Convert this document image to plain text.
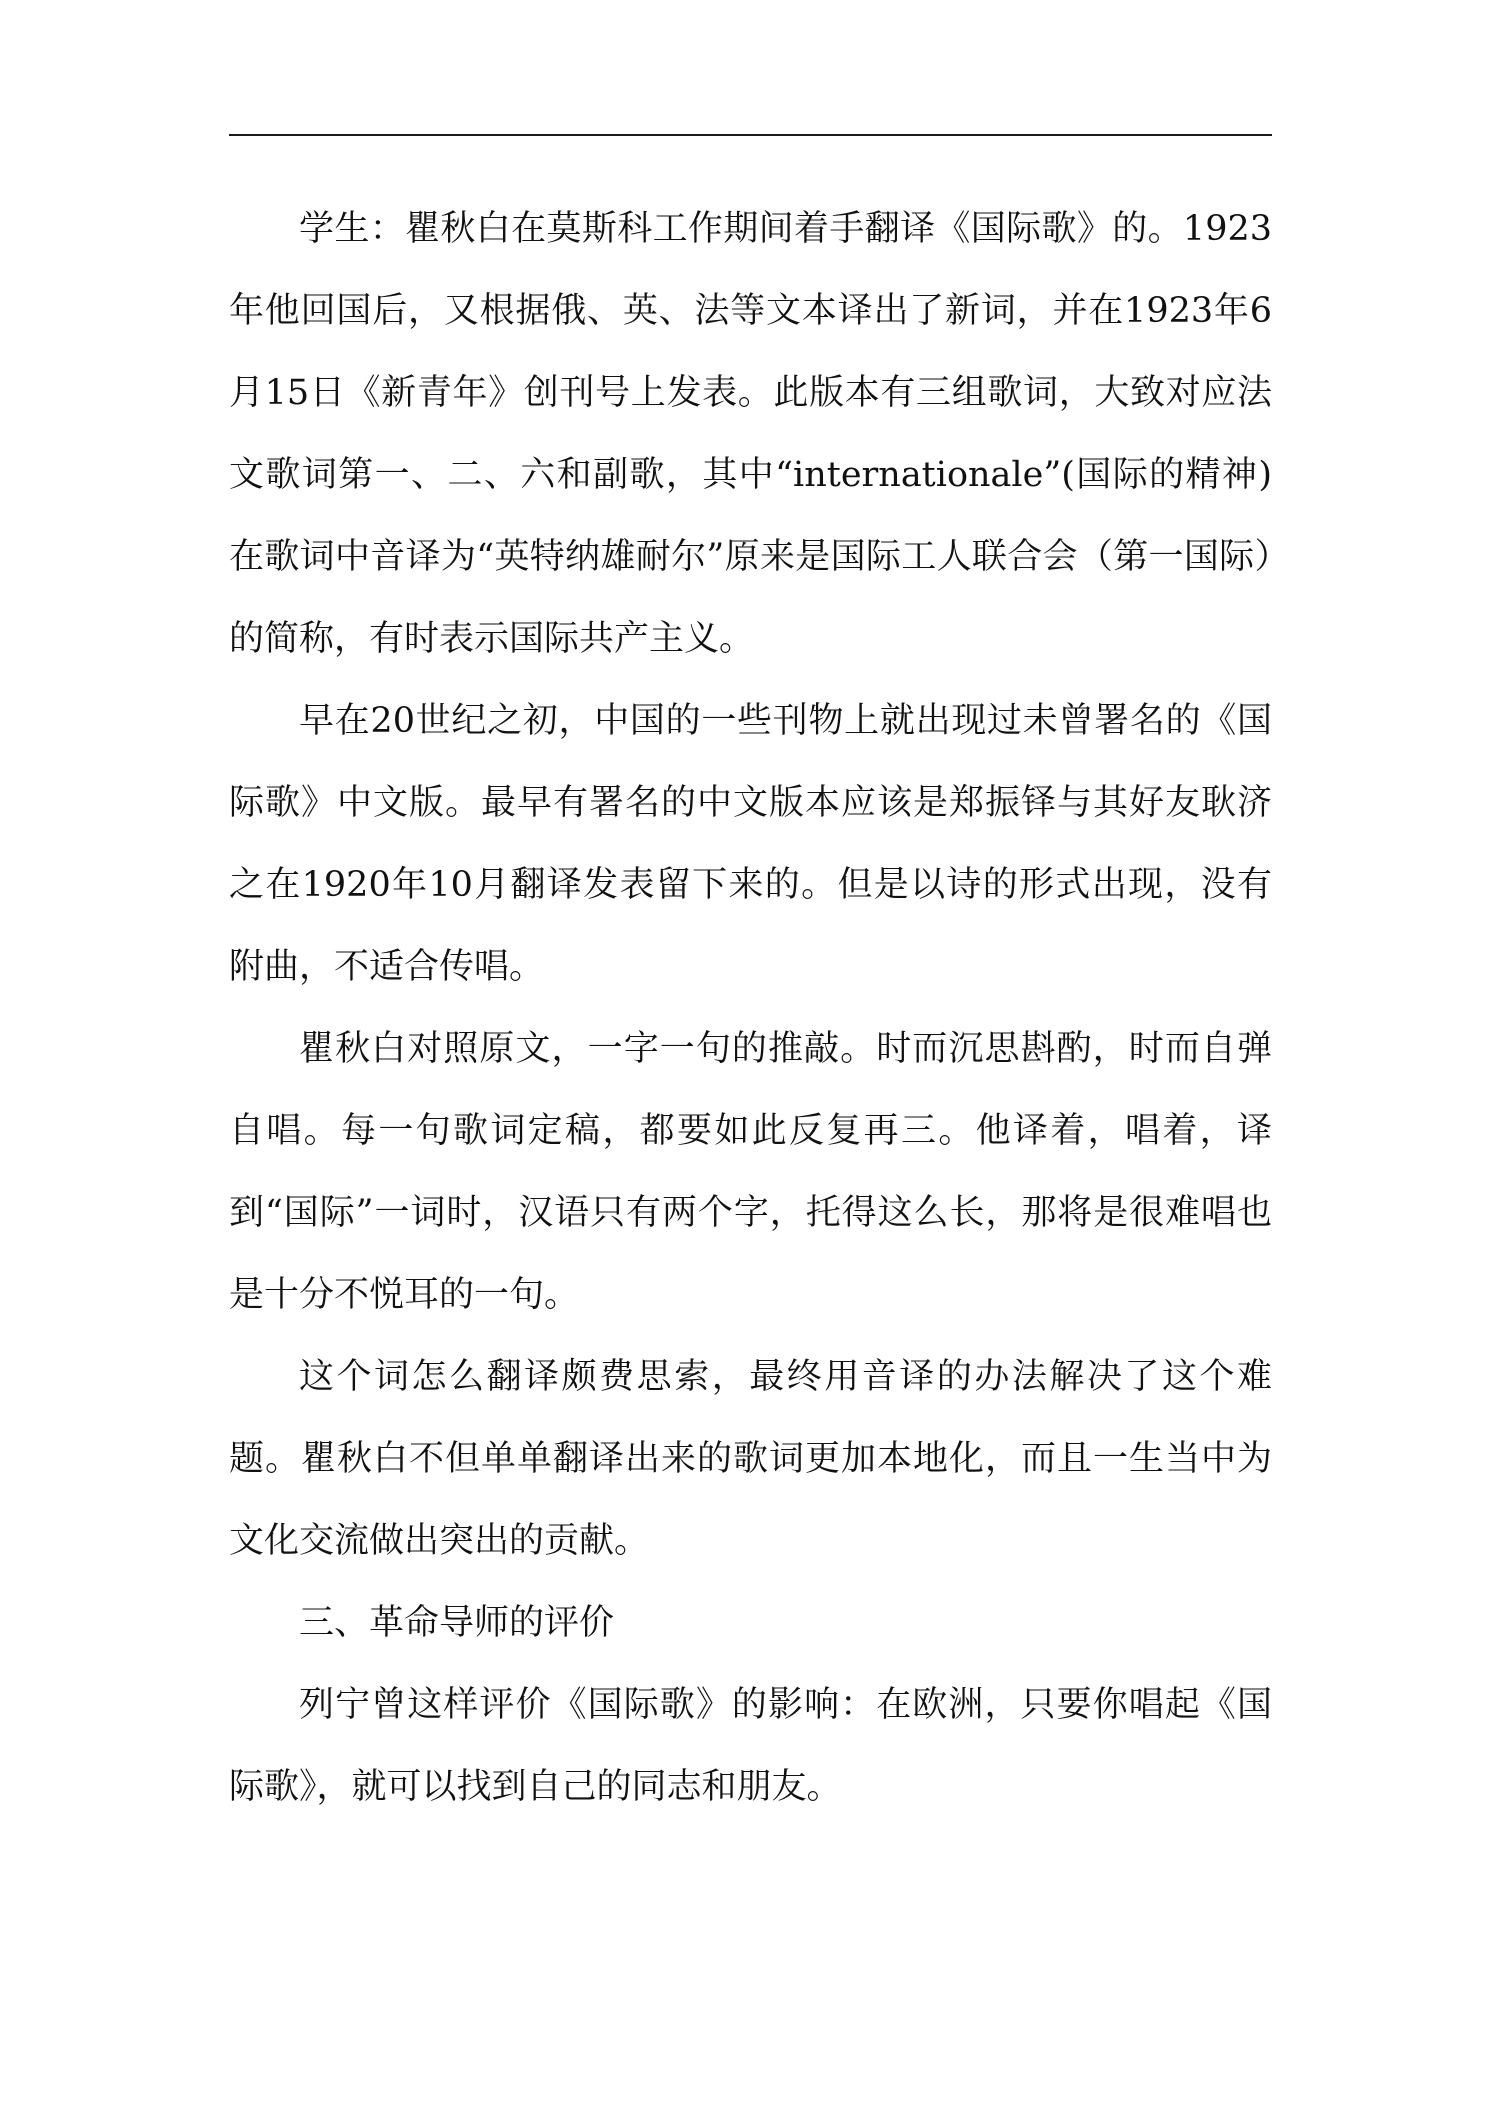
学生：瞿秋白在莫斯科工作期间着手翻译《国际歌》的。1923年他回国后，又根据俄、英、法等文本译出了新词，并在1923年6月15日《新青年》创刊号上发表。此版本有三组歌词，大致对应法文歌词第一、二、六和副歌，其中“internationale”(国际的精神)在歌词中音译为“英特纳雄耐尔”原来是国际工人联合会（第一国际）的简称，有时表示国际共产主义。

早在20世纪之初，中国的一些刊物上就出现过未曾署名的《国际歌》中文版。最早有署名的中文版本应该是郑振铎与其好友耿济之在1920年10月翻译发表留下来的。但是以诗的形式出现，没有附曲，不适合传唱。

瞿秋白对照原文，一字一句的推敲。时而沉思斟酌，时而自弹自唱。每一句歌词定稿，都要如此反复再三。他译着，唱着，译到“国际”一词时，汉语只有两个字，托得这么长，那将是很难唱也是十分不悦耳的一句。

这个词怎么翻译颇费思索，最终用音译的办法解决了这个难题。瞿秋白不但单单翻译出来的歌词更加本地化，而且一生当中为文化交流做出突出的贡献。

三、革命导师的评价

列宁曾这样评价《国际歌》的影响：在欧洲，只要你唱起《国际歌》，就可以找到自己的同志和朋友。
